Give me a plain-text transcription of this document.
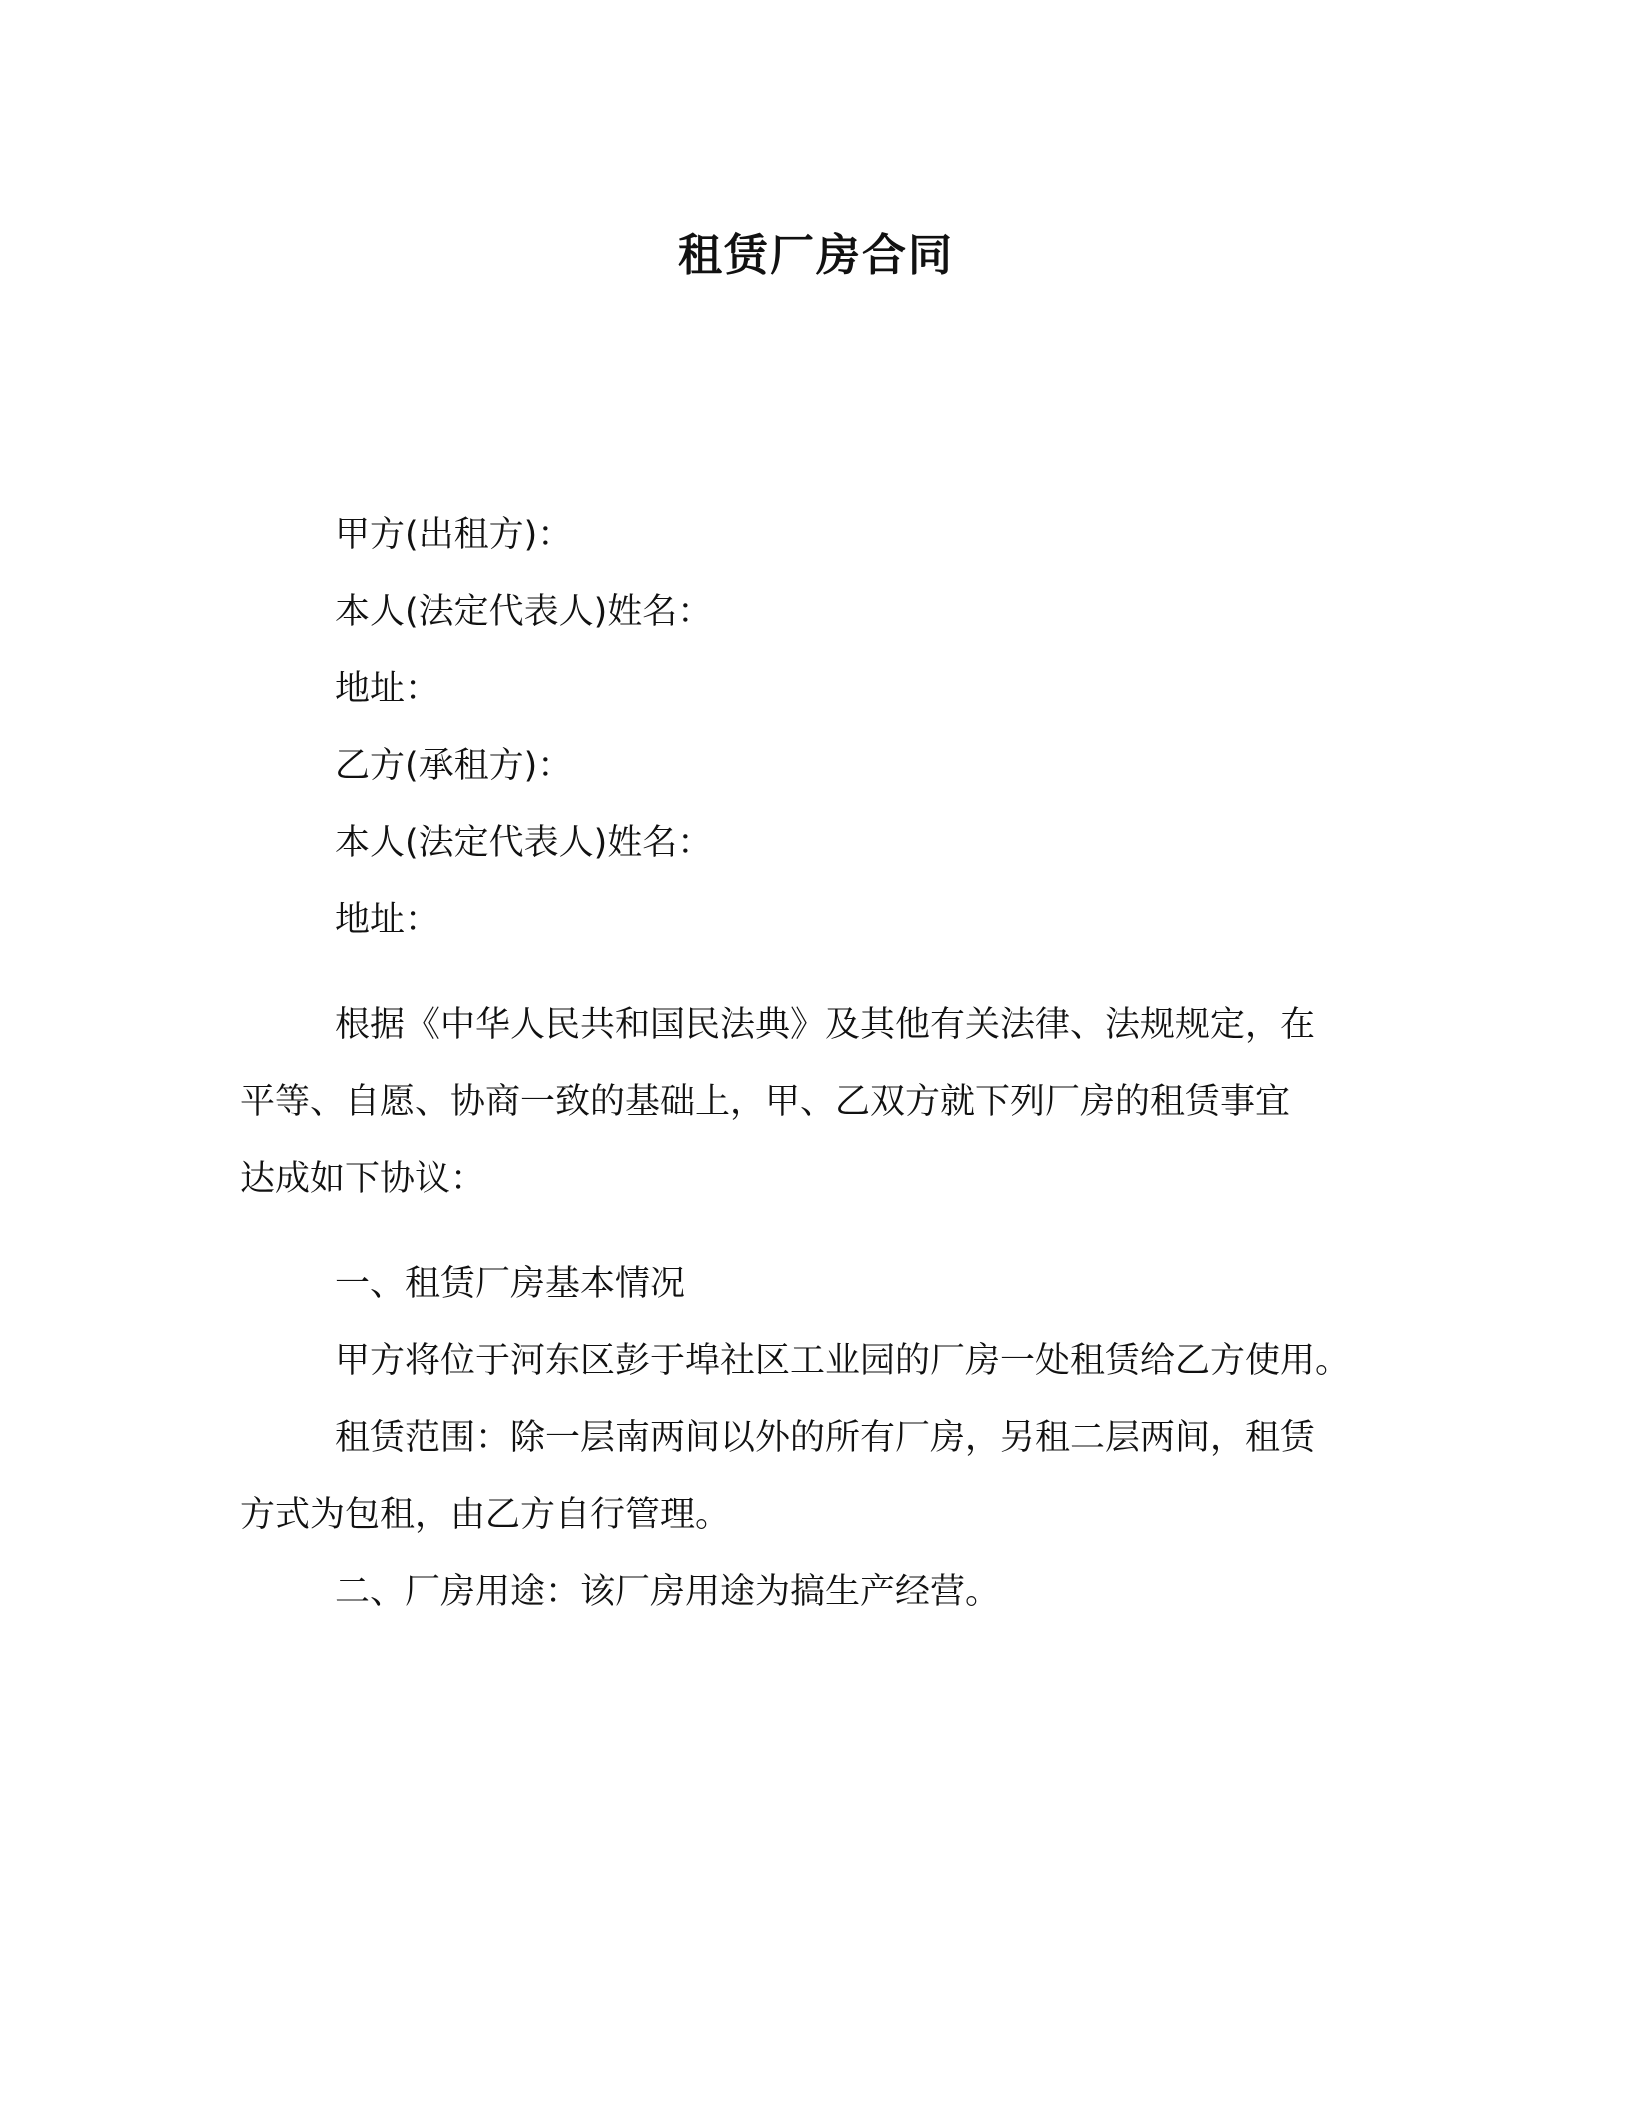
租赁厂房合同

甲方(出租方)：

本人(法定代表人)姓名：

地址：

乙方(承租方)：

本人(法定代表人)姓名：

地址：

根据《中华人民共和国民法典》及其他有关法律、法规规定，在

平等、自愿、协商一致的基础上，甲、乙双方就下列厂房的租赁事宜

达成如下协议：

一、租赁厂房基本情况

甲方将位于河东区彭于埠社区工业园的厂房一处租赁给乙方使用。

租赁范围：除一层南两间以外的所有厂房，另租二层两间，租赁

方式为包租，由乙方自行管理。

二、厂房用途：该厂房用途为搞生产经营。
